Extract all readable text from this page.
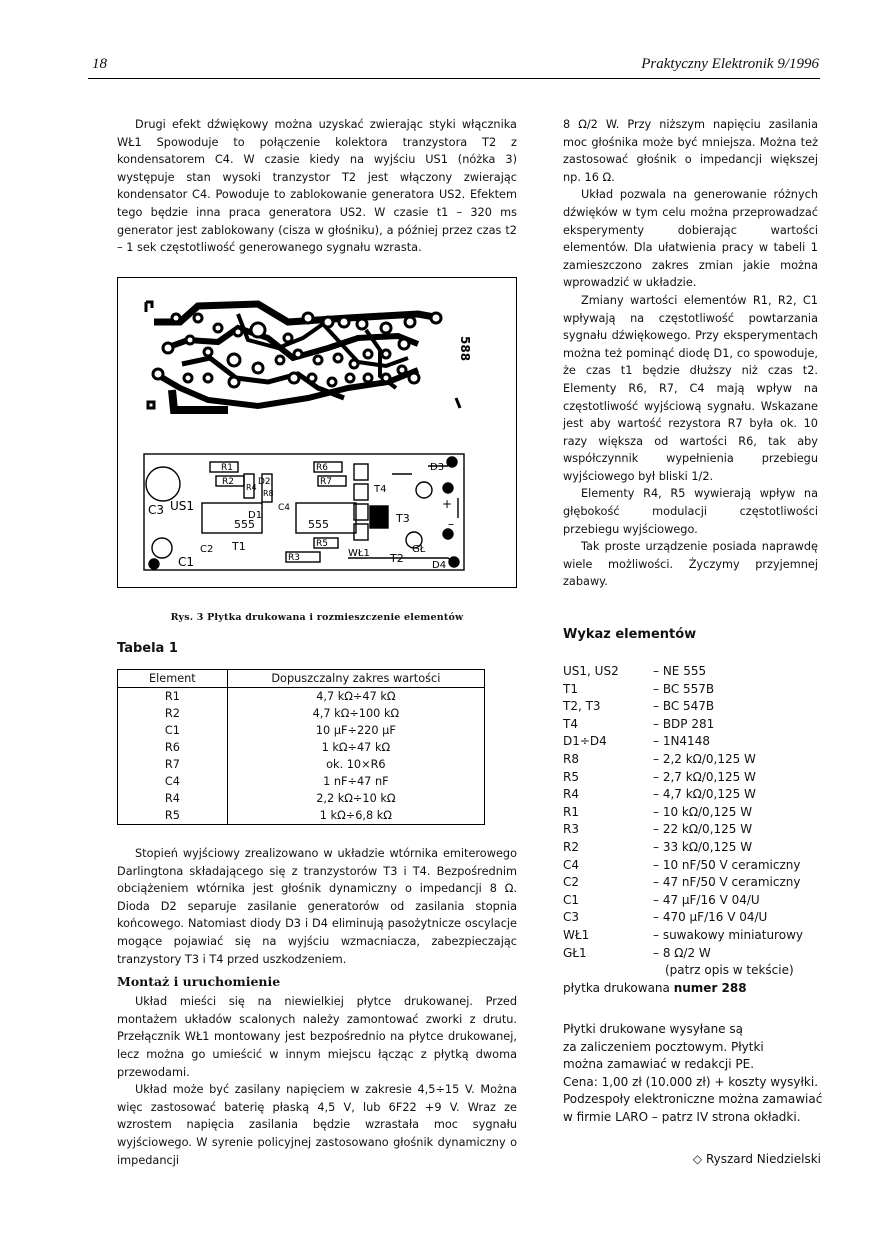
18	Praktyczny Elektronik 9/1996

Drugi efekt dźwiękowy można uzyskać zwierając styki włącznika WŁ1 Spowoduje to połączenie kolektora tranzystora T2 z kondensatorem C4. W czasie kiedy na wyjściu US1 (nóżka 3) występuje stan wysoki tranzystor T2 jest włączony zwierając kondensator C4. Powoduje to zablokowanie generatora US2. Efektem tego będzie inna praca generatora US2. W czasie t1 – 320 ms generator jest zablokowany (cisza w głośniku), a później przez czas t2 – 1 sek częstotliwość generowanego sygnału wzrasta.

588
US1
555	555
R1
R2
R3
R4
R5
R6
R7
R8
C1
C2
C3	C4
T1
T2
T3
T4
D1
D2
D3
D4
WŁ1	GŁ
+
–
Rys. 3 Płytka drukowana i rozmieszczenie elementów
Tabela 1
Element	Dopuszczalny zakres wartości
R1	4,7 kΩ÷47 kΩ
R2	4,7 kΩ÷100 kΩ
C1	10 μF÷220 μF
R6	1 kΩ÷47 kΩ
R7	ok. 10×R6
C4	1 nF÷47 nF
R4	2,2 kΩ÷10 kΩ
R5	1 kΩ÷6,8 kΩ

Stopień wyjściowy zrealizowano w układzie wtórnika emiterowego Darlingtona składającego się z tranzystorów T3 i T4. Bezpośrednim obciążeniem wtórnika jest głośnik dynamiczny o impedancji 8 Ω. Dioda D2 separuje zasilanie generatorów od zasilania stopnia końcowego. Natomiast diody D3 i D4 eliminują pasożytnicze oscylacje mogące pojawiać się na wyjściu wzmacniacza, zabezpieczając tranzystory T3 i T4 przed uszkodzeniem.

Montaż i uruchomienie

Układ mieści się na niewielkiej płytce drukowanej. Przed montażem układów scalonych należy zamontować zworki z drutu. Przełącznik WŁ1 montowany jest bezpośrednio na płytce drukowanej, lecz można go umieścić w innym miejscu łącząc z płytką dwoma przewodami.

Układ może być zasilany napięciem w zakresie 4,5÷15 V. Można więc zastosować baterię płaską 4,5 V, lub 6F22 +9 V. Wraz ze wzrostem napięcia zasilania będzie wzrastała moc sygnału wyjściowego. W syrenie policyjnej zastosowano głośnik dynamiczny o impedancji

8 Ω/2 W. Przy niższym napięciu zasilania moc głośnika może być mniejsza. Można też zastosować głośnik o impedancji większej np. 16 Ω.

Układ pozwala na generowanie różnych dźwięków w tym celu można przeprowadzać eksperymenty dobierając wartości elementów. Dla ułatwienia pracy w tabeli 1 zamieszczono zakres zmian jakie można wprowadzić w układzie.

Zmiany wartości elementów R1, R2, C1 wpływają na częstotliwość powtarzania sygnału dźwiękowego. Przy eksperymentach można też pominąć diodę D1, co spowoduje, że czas t1 będzie dłuższy niż czas t2. Elementy R6, R7, C4 mają wpływ na częstotliwość wyjściową sygnału. Wskazane jest aby wartość rezystora R7 była ok. 10 razy większa od wartości R6, tak aby współczynnik wypełnienia przebiegu wyjściowego był bliski 1/2.

Elementy R4, R5 wywierają wpływ na głębokość modulacji częstotliwości przebiegu wyjściowego.

Tak proste urządzenie posiada naprawdę wiele możliwości. Życzymy przyjemnej zabawy.

Wykaz elementów
US1, US2	– NE 555
T1	– BC 557B
T2, T3	– BC 547B
T4	– BDP 281
D1÷D4	– 1N4148
R8	– 2,2 kΩ/0,125 W
R5	– 2,7 kΩ/0,125 W
R4	– 4,7 kΩ/0,125 W
R1	– 10 kΩ/0,125 W
R3	– 22 kΩ/0,125 W
R2	– 33 kΩ/0,125 W
C4	– 10 nF/50 V ceramiczny
C2	– 47 nF/50 V ceramiczny
C1	– 47 μF/16 V 04/U
C3	– 470 μF/16 V 04/U
WŁ1	– suwakowy miniaturowy
GŁ1	– 8 Ω/2 W
(patrz opis w tekście)
płytka drukowana
numer 288
Płytki drukowane wysyłane są
za zaliczeniem pocztowym. Płytki
można zamawiać w redakcji PE.
Cena: 1,00 zł (10.000 zł) + koszty wysyłki.
Podzespoły elektroniczne można zamawiać
w firmie LARO – patrz IV strona okładki.
◇ Ryszard Niedzielski
